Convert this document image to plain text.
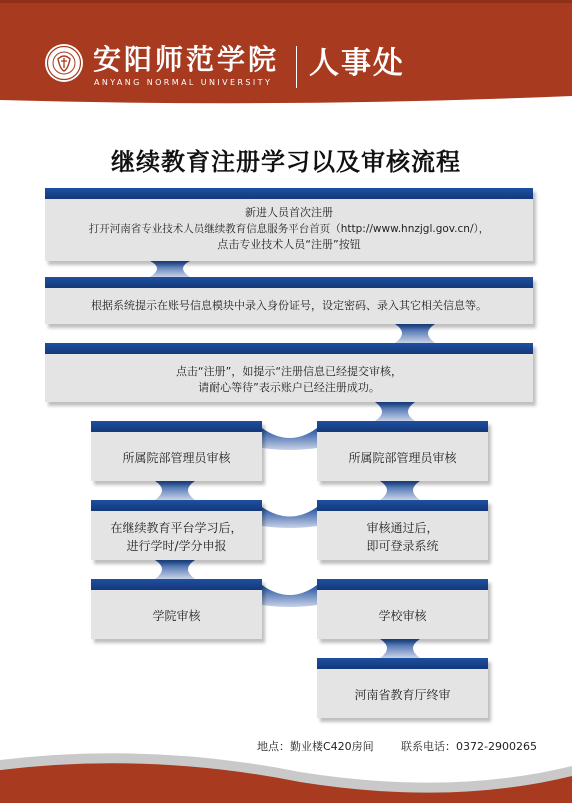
安阳师范学院
ANYANG NORMAL UNIVERSITY
人事处
继续教育注册学习以及审核流程
新进人员首次注册
打开河南省专业技术人员继续教育信息服务平台首页（http://www.hnzjgl.gov.cn/），
点击专业技术人员“注册”按钮
根据系统提示在账号信息模块中录入身份证号，设定密码、录入其它相关信息等。
点击“注册”，如提示“注册信息已经提交审核，
请耐心等待”表示账户已经注册成功。
所属院部管理员审核	所属院部管理员审核
在继续教育平台学习后，
进行学时/学分申报
审核通过后，
即可登录系统
学院审核	学校审核
河南省教育厅终审
地点：勤业楼C420房间 联系电话：0372-2900265
